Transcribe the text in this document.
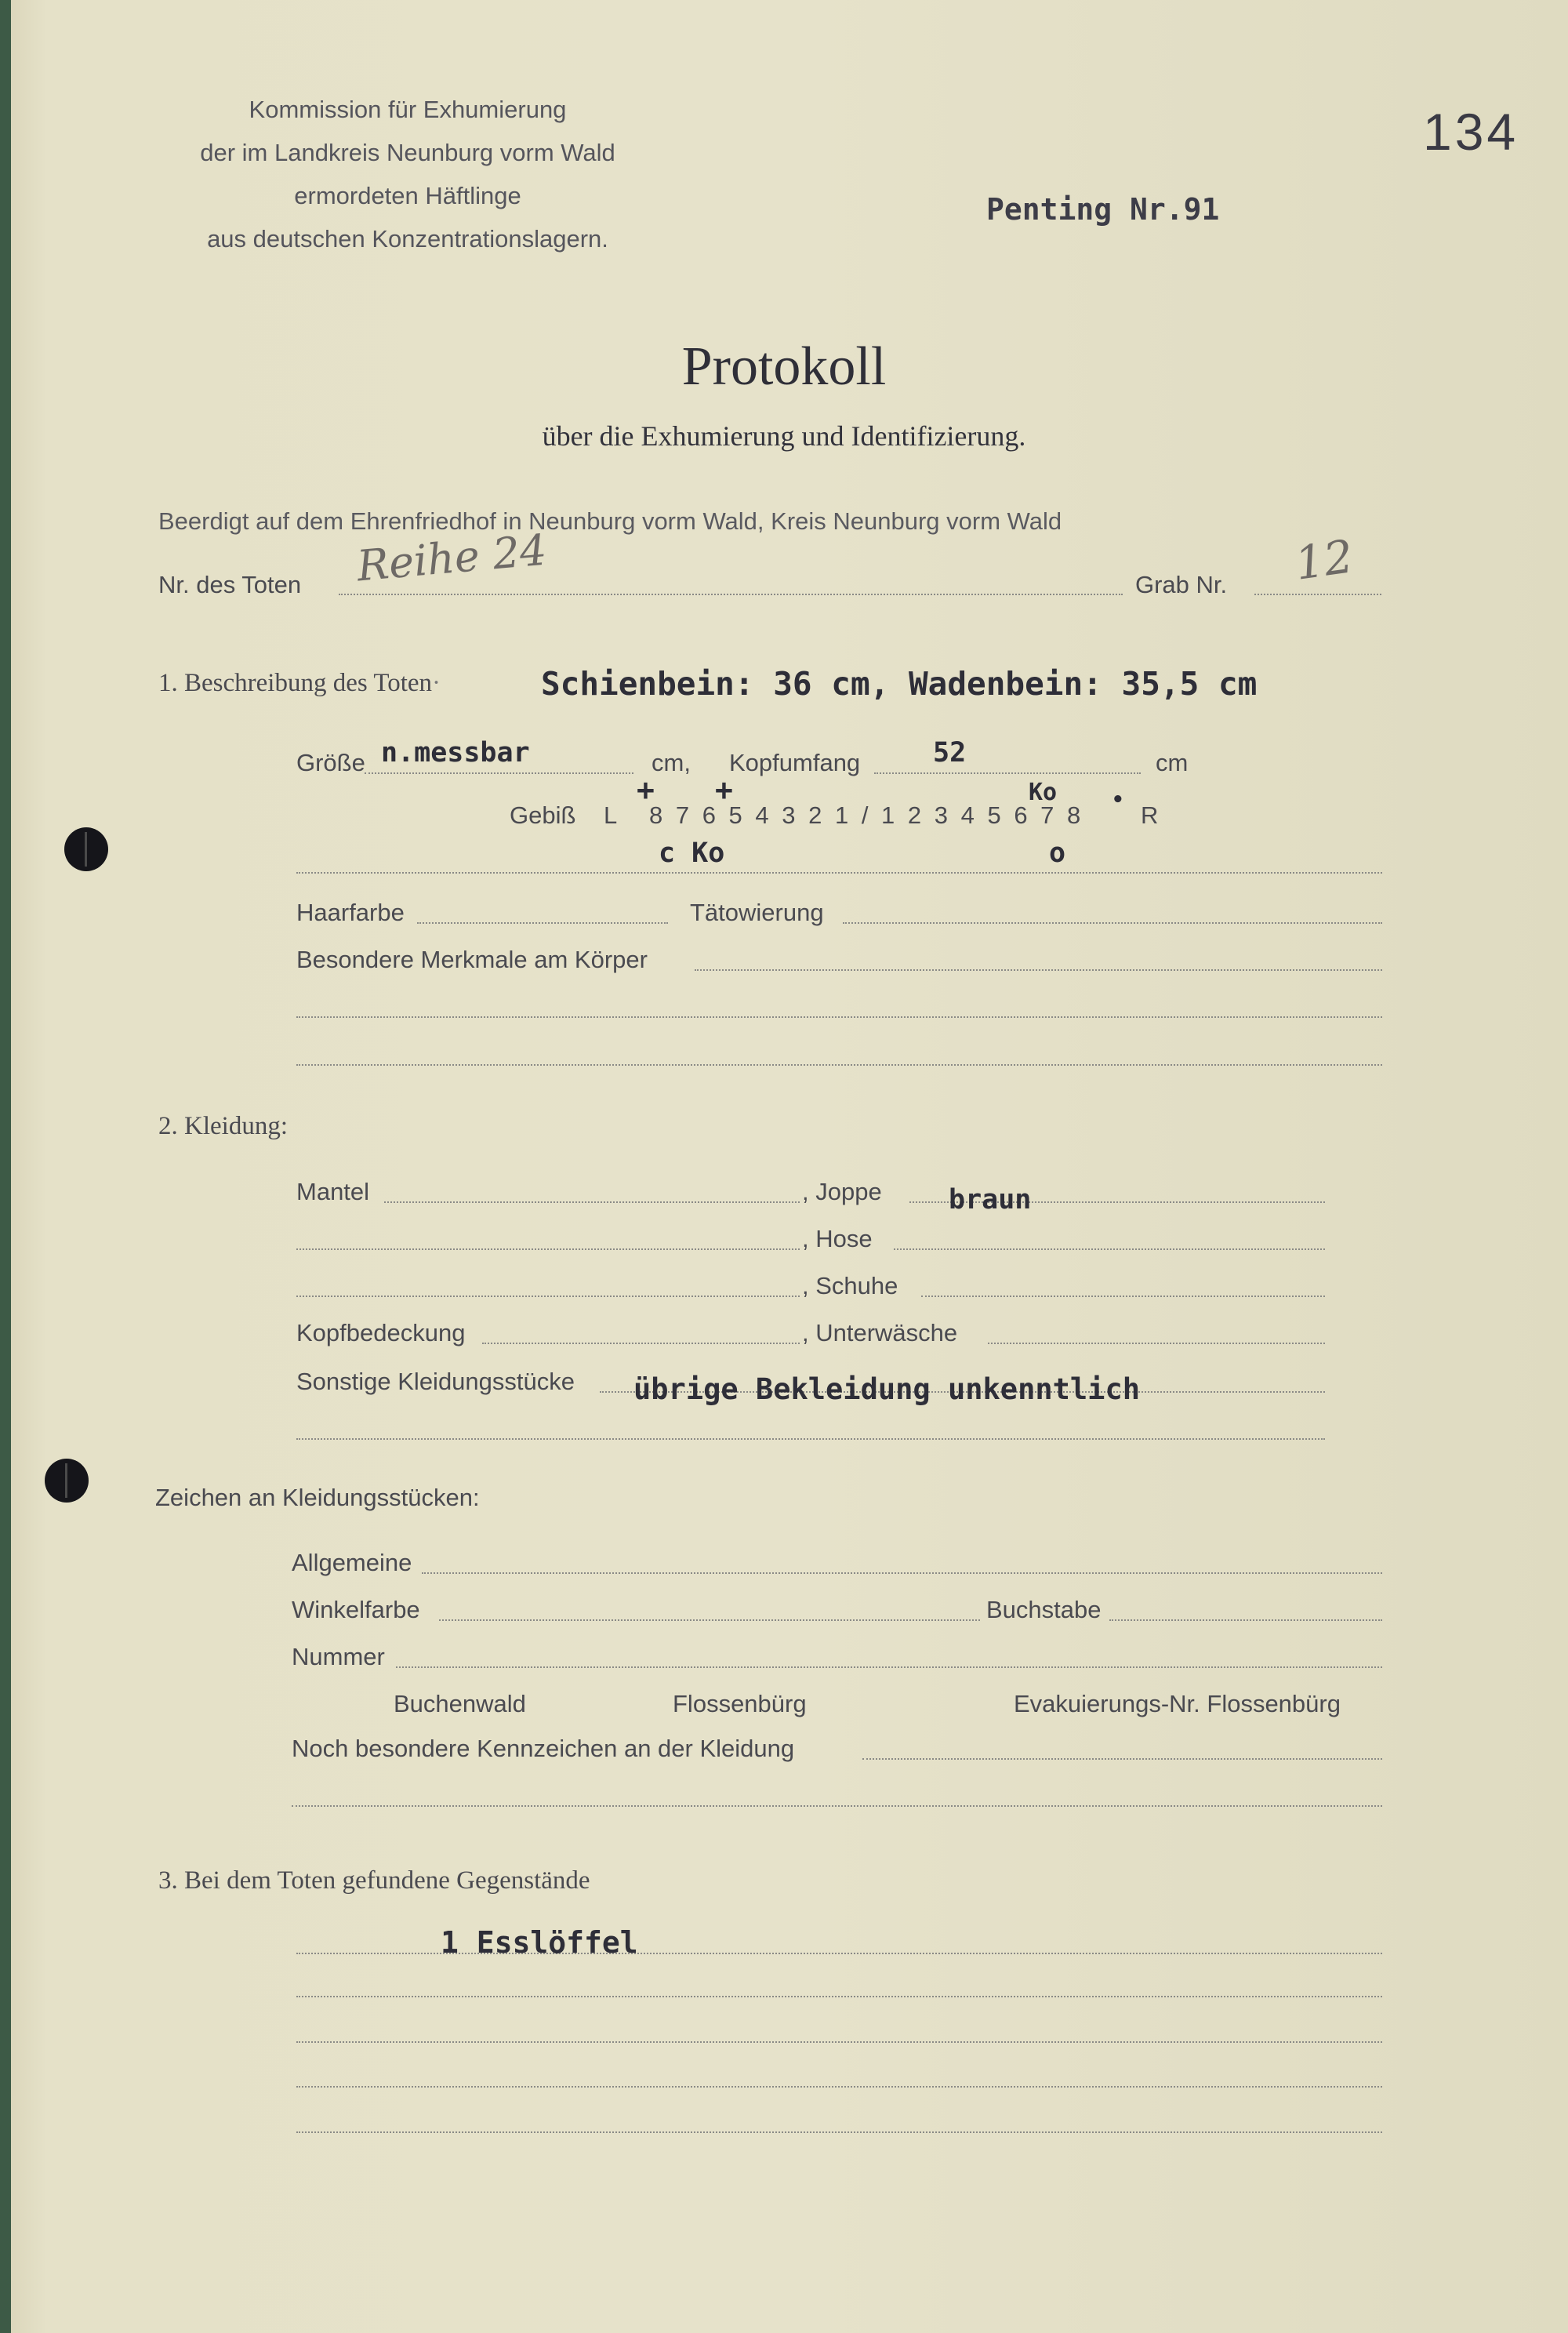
Kommission für Exhumierung
der im Landkreis Neunburg vorm Wald
ermordeten Häftlinge
aus deutschen Konzentrationslagern.
134
Penting Nr.91
Protokoll
über die Exhumierung und Identifizierung.
Beerdigt auf dem Ehrenfriedhof in Neunburg vorm Wald, Kreis Neunburg vorm Wald
Nr. des Toten Reihe 24	Grab Nr. 12
1. Beschreibung des Toten·	Schienbein: 36 cm, Wadenbein: 35,5 cm
Größe n.messbar	cm, Kopfumfang	52	cm
Gebiß L 8 7 6 5 4 3 2 1 / 1 2 3 4 5 6 7 8 R
+ +	Ko	•
c Ko	o
Haarfarbe	Tätowierung
Besondere Merkmale am Körper
2. Kleidung:
Mantel	, Joppe braun
, Hose
, Schuhe
Kopfbedeckung	, Unterwäsche
Sonstige Kleidungsstücke übrige Bekleidung unkenntlich
Zeichen an Kleidungsstücken:
Allgemeine
Winkelfarbe	Buchstabe
Nummer
Buchenwald	Flossenbürg	Evakuierungs-Nr. Flossenbürg
Noch besondere Kennzeichen an der Kleidung
3. Bei dem Toten gefundene Gegenstände
1 Esslöffel
